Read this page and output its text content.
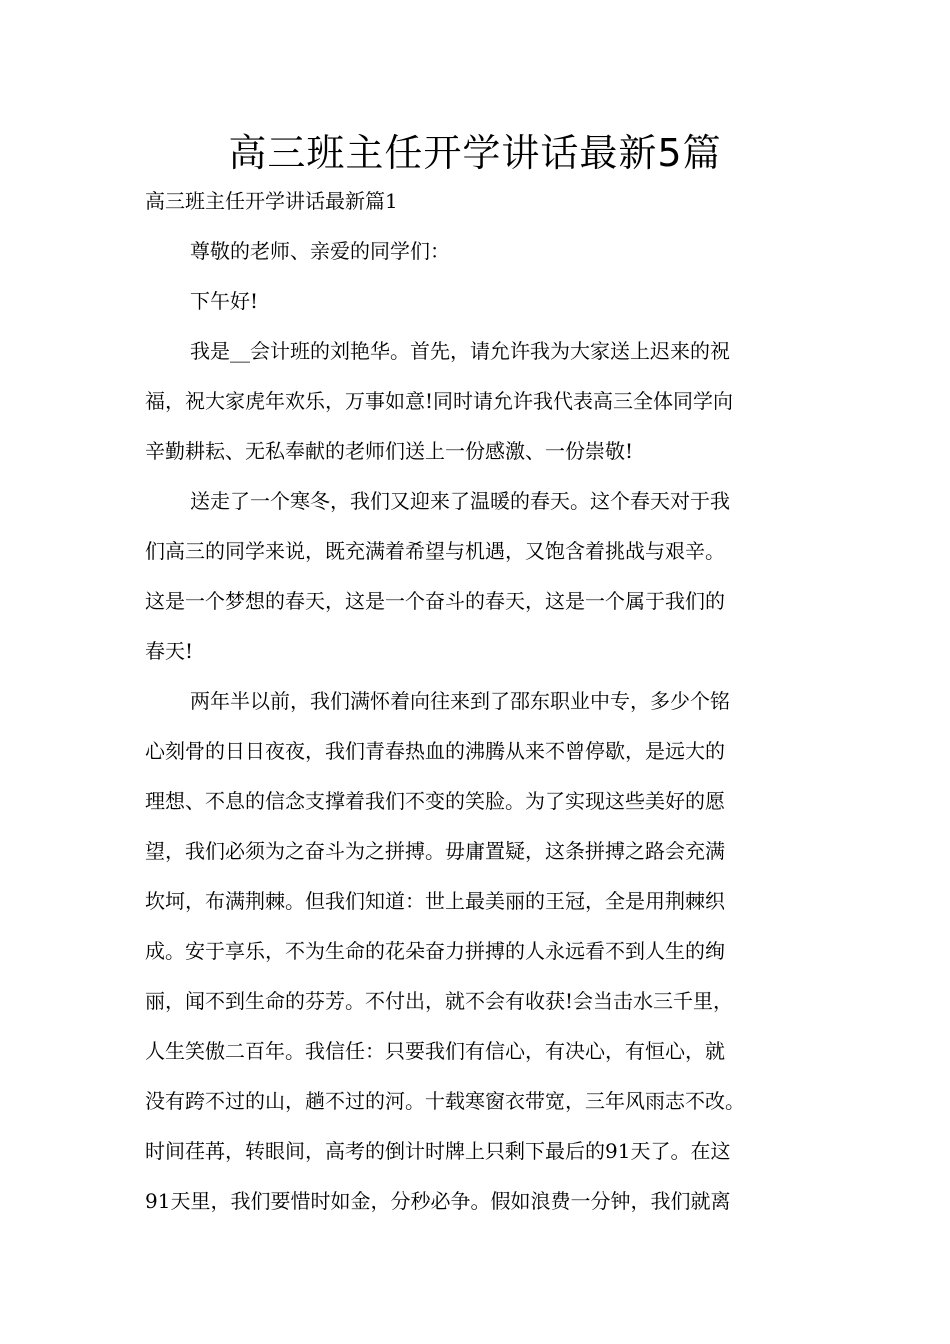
高三班主任开学讲话最新5篇

高三班主任开学讲话最新篇1

尊敬的老师、亲爱的同学们：

下午好!

我是__会计班的刘艳华。首先，请允许我为大家送上迟来的祝

福，祝大家虎年欢乐，万事如意!同时请允许我代表高三全体同学向

辛勤耕耘、无私奉献的老师们送上一份感激、一份崇敬!

送走了一个寒冬，我们又迎来了温暖的春天。这个春天对于我

们高三的同学来说，既充满着希望与机遇，又饱含着挑战与艰辛。

这是一个梦想的春天，这是一个奋斗的春天，这是一个属于我们的

春天!

两年半以前，我们满怀着向往来到了邵东职业中专，多少个铭

心刻骨的日日夜夜，我们青春热血的沸腾从来不曾停歇，是远大的

理想、不息的信念支撑着我们不变的笑脸。为了实现这些美好的愿

望，我们必须为之奋斗为之拼搏。毋庸置疑，这条拼搏之路会充满

坎坷，布满荆棘。但我们知道：世上最美丽的王冠，全是用荆棘织

成。安于享乐，不为生命的花朵奋力拼搏的人永远看不到人生的绚

丽，闻不到生命的芬芳。不付出，就不会有收获!会当击水三千里，

人生笑傲二百年。我信任：只要我们有信心，有决心，有恒心，就

没有跨不过的山，趟不过的河。十载寒窗衣带宽，三年风雨志不改。

时间荏苒，转眼间，高考的倒计时牌上只剩下最后的91天了。在这

91天里，我们要惜时如金，分秒必争。假如浪费一分钟，我们就离
